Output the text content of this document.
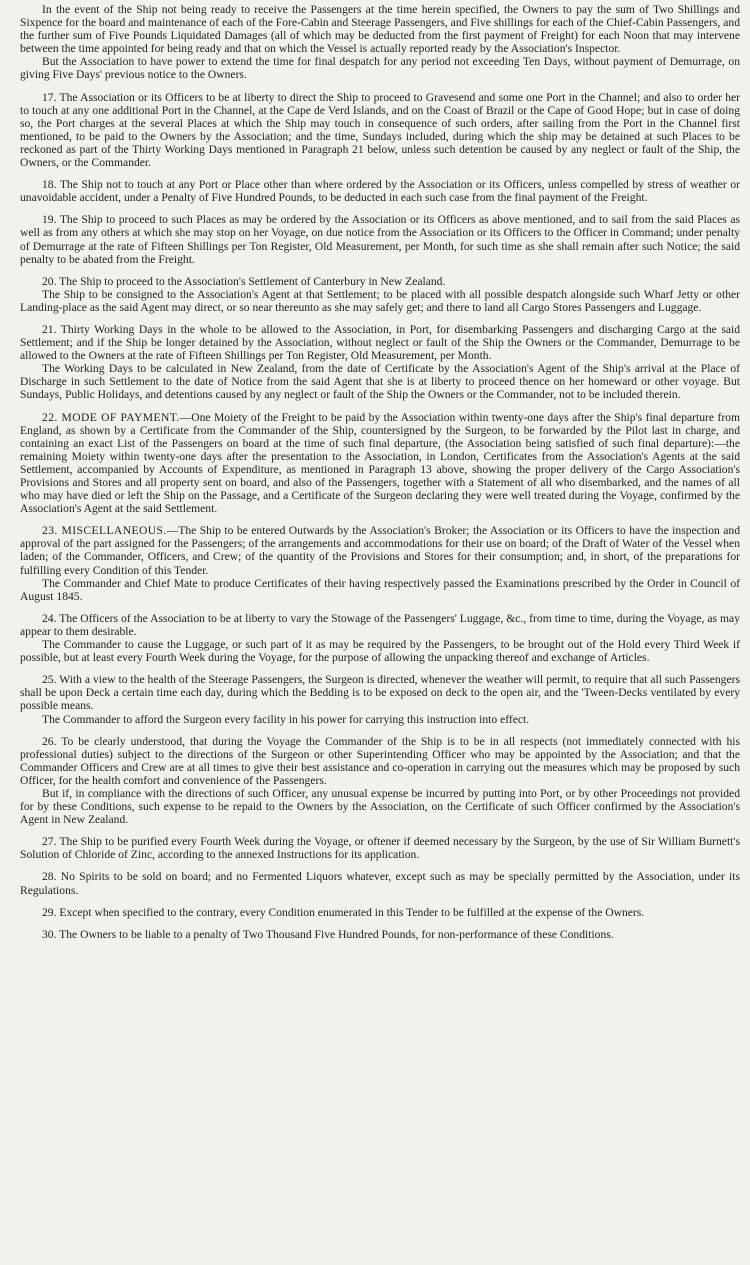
In the event of the Ship not being ready to receive the Passengers at the time herein specified, the Owners to pay the sum of Two Shillings and Sixpence for the board and maintenance of each of the Fore-Cabin and Steerage Passengers, and Five shillings for each of the Chief-Cabin Passengers, and the further sum of Five Pounds Liquidated Damages (all of which may be deducted from the first payment of Freight) for each Noon that may intervene between the time appointed for being ready and that on which the Vessel is actually reported ready by the Association's Inspector.

But the Association to have power to extend the time for final despatch for any period not exceeding Ten Days, without payment of Demurrage, on giving Five Days' previous notice to the Owners.

17. The Association or its Officers to be at liberty to direct the Ship to proceed to Gravesend and some one Port in the Channel; and also to order her to touch at any one additional Port in the Channel, at the Cape de Verd Islands, and on the Coast of Brazil or the Cape of Good Hope; but in case of doing so, the Port charges at the several Places at which the Ship may touch in consequence of such orders, after sailing from the Port in the Channel first mentioned, to be paid to the Owners by the Association; and the time, Sundays included, during which the ship may be detained at such Places to be reckoned as part of the Thirty Working Days mentioned in Paragraph 21 below, unless such detention be caused by any neglect or fault of the Ship, the Owners, or the Commander.

18. The Ship not to touch at any Port or Place other than where ordered by the Association or its Officers, unless compelled by stress of weather or unavoidable accident, under a Penalty of Five Hundred Pounds, to be deducted in each such case from the final payment of the Freight.

19. The Ship to proceed to such Places as may be ordered by the Association or its Officers as above mentioned, and to sail from the said Places as well as from any others at which she may stop on her Voyage, on due notice from the Association or its Officers to the Officer in Command; under penalty of Demurrage at the rate of Fifteen Shillings per Ton Register, Old Measurement, per Month, for such time as she shall remain after such Notice; the said penalty to be abated from the Freight.

20. The Ship to proceed to the Association's Settlement of Canterbury in New Zealand.

The Ship to be consigned to the Association's Agent at that Settlement; to be placed with all possible despatch alongside such Wharf Jetty or other Landing-place as the said Agent may direct, or so near thereunto as she may safely get; and there to land all Cargo Stores Passengers and Luggage.

21. Thirty Working Days in the whole to be allowed to the Association, in Port, for disembarking Passengers and discharging Cargo at the said Settlement; and if the Ship be longer detained by the Association, without neglect or fault of the Ship the Owners or the Commander, Demurrage to be allowed to the Owners at the rate of Fifteen Shillings per Ton Register, Old Measurement, per Month.

The Working Days to be calculated in New Zealand, from the date of Certificate by the Association's Agent of the Ship's arrival at the Place of Discharge in such Settlement to the date of Notice from the said Agent that she is at liberty to proceed thence on her homeward or other voyage. But Sundays, Public Holidays, and detentions caused by any neglect or fault of the Ship the Owners or the Commander, not to be included therein.

22. MODE OF PAYMENT.—One Moiety of the Freight to be paid by the Association within twenty-one days after the Ship's final departure from England, as shown by a Certificate from the Commander of the Ship, countersigned by the Surgeon, to be forwarded by the Pilot last in charge, and containing an exact List of the Passengers on board at the time of such final departure, (the Association being satisfied of such final departure):—the remaining Moiety within twenty-one days after the presentation to the Association, in London, Certificates from the Association's Agents at the said Settlement, accompanied by Accounts of Expenditure, as mentioned in Paragraph 13 above, showing the proper delivery of the Cargo Association's Provisions and Stores and all property sent on board, and also of the Passengers, together with a Statement of all who disembarked, and the names of all who may have died or left the Ship on the Passage, and a Certificate of the Surgeon declaring they were well treated during the Voyage, confirmed by the Association's Agent at the said Settlement.

23. MISCELLANEOUS.—The Ship to be entered Outwards by the Association's Broker; the Association or its Officers to have the inspection and approval of the part assigned for the Passengers; of the arrangements and accommodations for their use on board; of the Draft of Water of the Vessel when laden; of the Commander, Officers, and Crew; of the quantity of the Provisions and Stores for their consumption; and, in short, of the preparations for fulfilling every Condition of this Tender.

The Commander and Chief Mate to produce Certificates of their having respectively passed the Examinations prescribed by the Order in Council of August 1845.

24. The Officers of the Association to be at liberty to vary the Stowage of the Passengers' Luggage, &c., from time to time, during the Voyage, as may appear to them desirable.

The Commander to cause the Luggage, or such part of it as may be required by the Passengers, to be brought out of the Hold every Third Week if possible, but at least every Fourth Week during the Voyage, for the purpose of allowing the unpacking thereof and exchange of Articles.

25. With a view to the health of the Steerage Passengers, the Surgeon is directed, whenever the weather will permit, to require that all such Passengers shall be upon Deck a certain time each day, during which the Bedding is to be exposed on deck to the open air, and the 'Tween-Decks ventilated by every possible means.

The Commander to afford the Surgeon every facility in his power for carrying this instruction into effect.

26. To be clearly understood, that during the Voyage the Commander of the Ship is to be in all respects (not immediately connected with his professional duties) subject to the directions of the Surgeon or other Superintending Officer who may be appointed by the Association; and that the Commander Officers and Crew are at all times to give their best assistance and co-operation in carrying out the measures which may be proposed by such Officer, for the health comfort and convenience of the Passengers.

But if, in compliance with the directions of such Officer, any unusual expense be incurred by putting into Port, or by other Proceedings not provided for by these Conditions, such expense to be repaid to the Owners by the Association, on the Certificate of such Officer confirmed by the Association's Agent in New Zealand.

27. The Ship to be purified every Fourth Week during the Voyage, or oftener if deemed necessary by the Surgeon, by the use of Sir William Burnett's Solution of Chloride of Zinc, according to the annexed Instructions for its application.

28. No Spirits to be sold on board; and no Fermented Liquors whatever, except such as may be specially permitted by the Association, under its Regulations.

29. Except when specified to the contrary, every Condition enumerated in this Tender to be fulfilled at the expense of the Owners.

30. The Owners to be liable to a penalty of Two Thousand Five Hundred Pounds, for non-performance of these Conditions.
